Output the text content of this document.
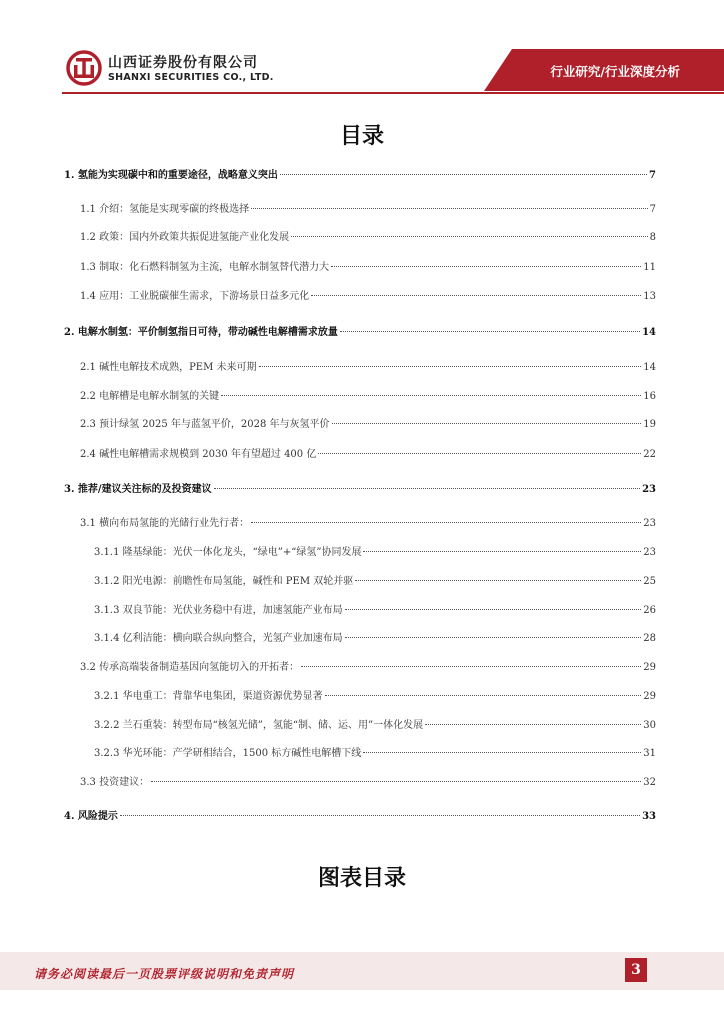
山西证券股份有限公司
SHANXI SECURITIES CO., LTD.	行业研究/行业深度分析
目录
1. 氢能为实现碳中和的重要途径，战略意义突出	7
1.1 介绍：氢能是实现零碳的终极选择	7
1.2 政策：国内外政策共振促进氢能产业化发展	8
1.3 制取：化石燃料制氢为主流，电解水制氢替代潜力大	11
1.4 应用：工业脱碳催生需求，下游场景日益多元化	13
2. 电解水制氢：平价制氢指日可待，带动碱性电解槽需求放量	14
2.1 碱性电解技术成熟，PEM 未来可期	14
2.2 电解槽是电解水制氢的关键	16
2.3 预计绿氢 2025 年与蓝氢平价，2028 年与灰氢平价	19
2.4 碱性电解槽需求规模到 2030 年有望超过 400 亿	22
3. 推荐/建议关注标的及投资建议	23
3.1 横向布局氢能的光储行业先行者：	23
3.1.1 隆基绿能：光伏一体化龙头，“绿电”+“绿氢”协同发展	23
3.1.2 阳光电源：前瞻性布局氢能，碱性和 PEM 双轮并驱	25
3.1.3 双良节能：光伏业务稳中有进，加速氢能产业布局	26
3.1.4 亿利洁能：横向联合纵向整合，光氢产业加速布局	28
3.2 传承高端装备制造基因向氢能切入的开拓者：	29
3.2.1 华电重工：背靠华电集团，渠道资源优势显著	29
3.2.2 兰石重装：转型布局“核氢光储”，氢能“制、储、运、用”一体化发展	30
3.2.3 华光环能：产学研相结合，1500 标方碱性电解槽下线	31
3.3 投资建议：	32
4. 风险提示	33
图表目录
请务必阅读最后一页股票评级说明和免责声明	3
